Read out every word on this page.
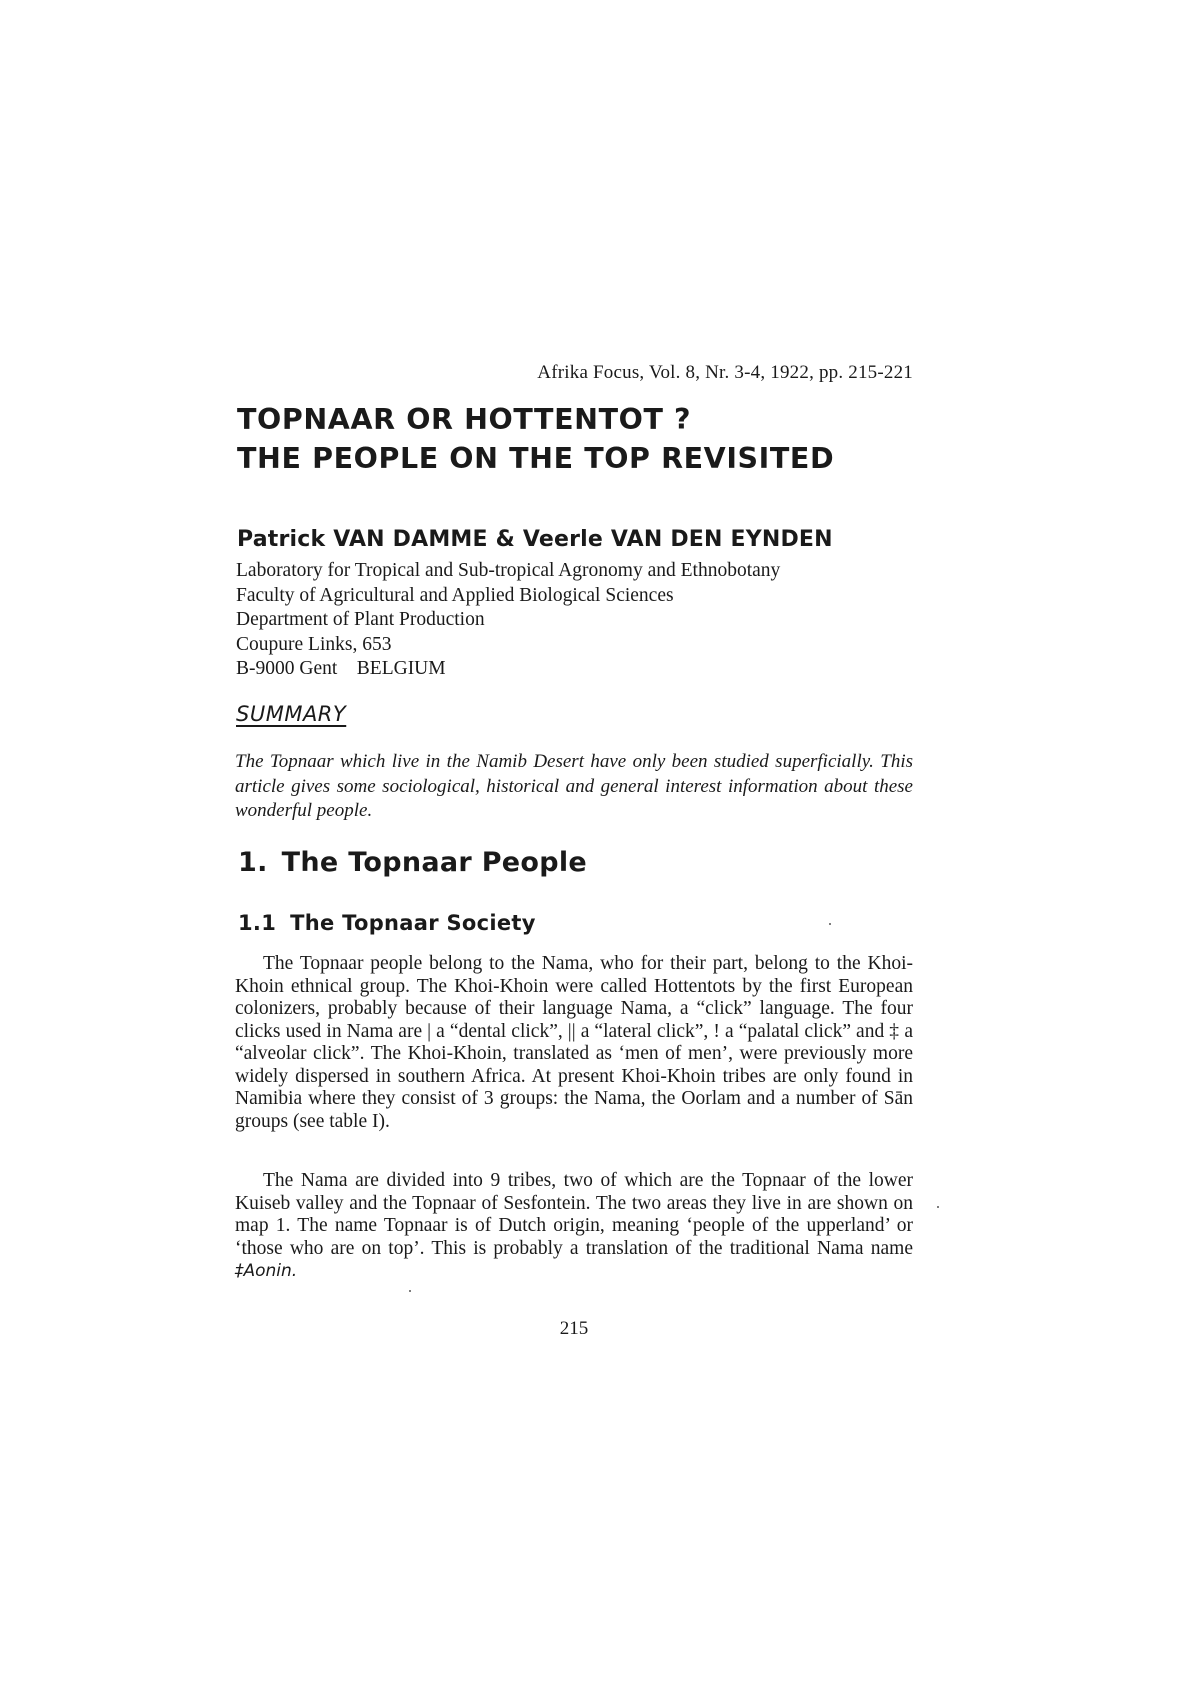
Afrika Focus, Vol. 8, Nr. 3-4, 1922, pp. 215-221
TOPNAAR OR HOTTENTOT ?
THE PEOPLE ON THE TOP REVISITED
Patrick VAN DAMME & Veerle VAN DEN EYNDEN
Laboratory for Tropical and Sub-tropical Agronomy and Ethnobotany
Faculty of Agricultural and Applied Biological Sciences
Department of Plant Production
Coupure Links, 653
B-9000 Gent    BELGIUM
SUMMARY
The Topnaar which live in the Namib Desert have only been studied superficially. This article gives some sociological, historical and general interest information about these wonderful people.
1. The Topnaar People
1.1 The Topnaar Society

The Topnaar people belong to the Nama, who for their part, belong to the Khoi-Khoin ethnical group. The Khoi-Khoin were called Hottentots by the first European colonizers, probably because of their language Nama, a “click” language. The four clicks used in Nama are | a “dental click”, || a “lateral click”, ! a “palatal click” and ‡ a “alveolar click”. The Khoi-Khoin, translated as ‘men of men’, were previously more widely dispersed in southern Africa. At present Khoi-Khoin tribes are only found in Namibia where they consist of 3 groups: the Nama, the Oorlam and a number of Sān groups (see table I).

The Nama are divided into 9 tribes, two of which are the Topnaar of the lower Kuiseb valley and the Topnaar of Sesfontein. The two areas they live in are shown on map 1. The name Topnaar is of Dutch origin, meaning ‘people of the upperland’ or ‘those who are on top’. This is probably a translation of the traditional Nama name ‡Aonin.

215
